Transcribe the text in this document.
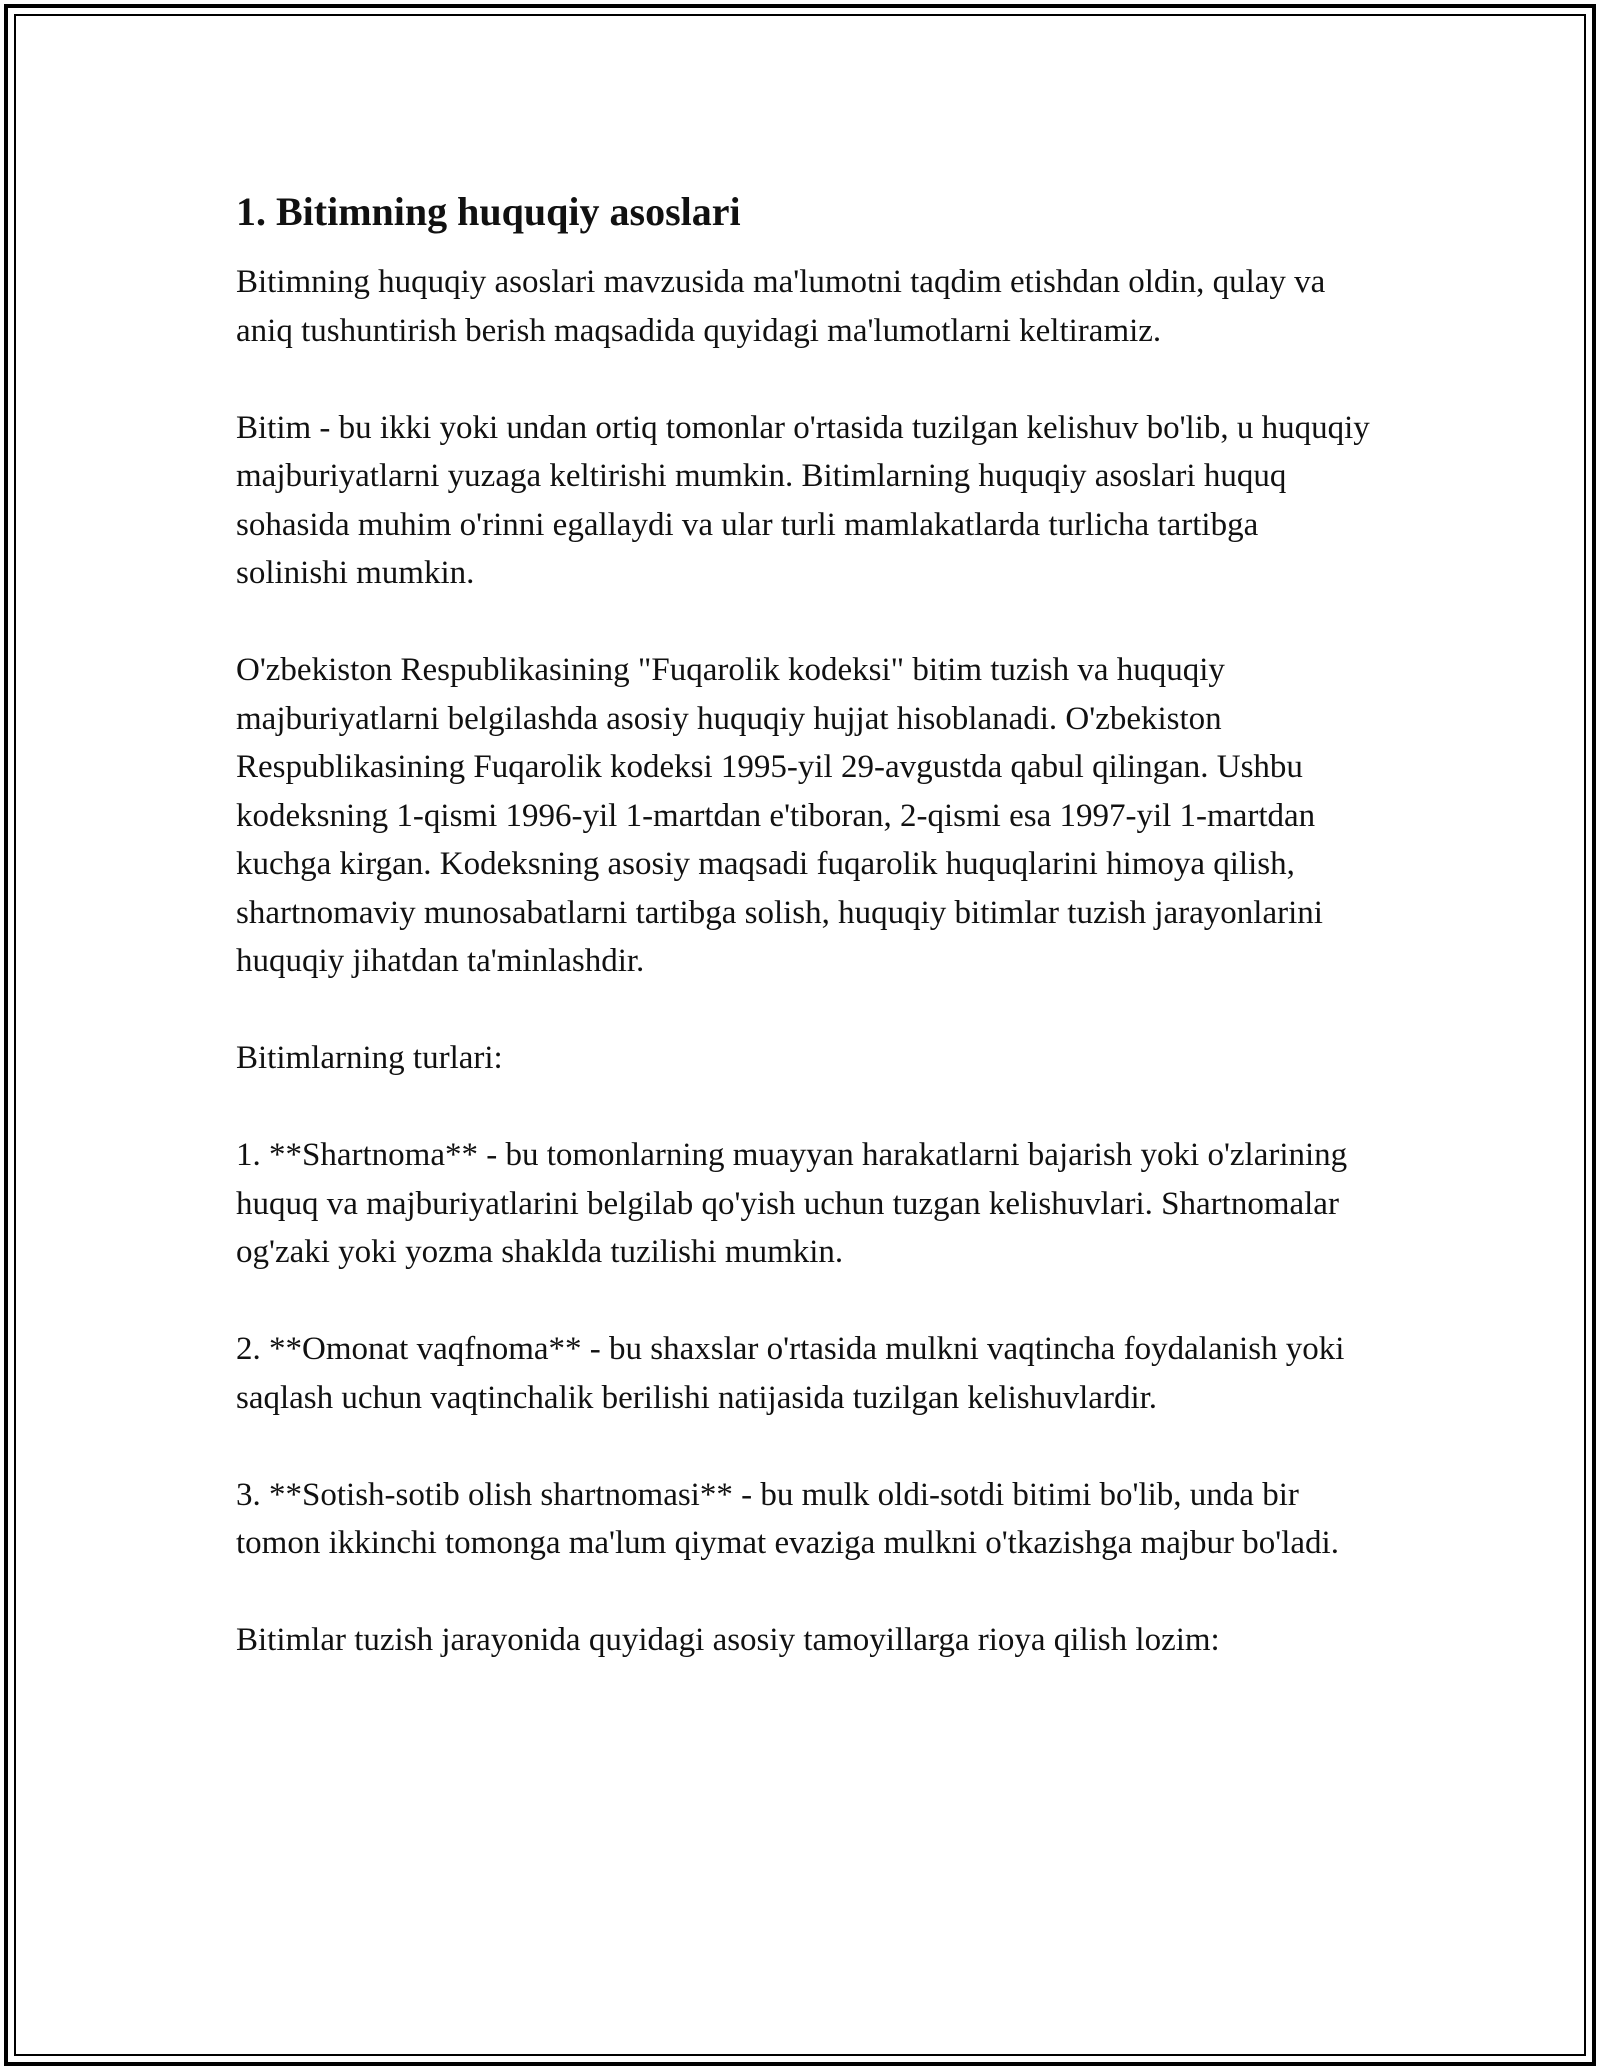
1. Bitimning huquqiy asoslari

Bitimning huquqiy asoslari mavzusida ma'lumotni taqdim etishdan oldin, qulay va aniq tushuntirish berish maqsadida quyidagi ma'lumotlarni keltiramiz.

Bitim - bu ikki yoki undan ortiq tomonlar o'rtasida tuzilgan kelishuv bo'lib, u huquqiy majburiyatlarni yuzaga keltirishi mumkin. Bitimlarning huquqiy asoslari huquq sohasida muhim o'rinni egallaydi va ular turli mamlakatlarda turlicha tartibga solinishi mumkin.

O'zbekiston Respublikasining "Fuqarolik kodeksi" bitim tuzish va huquqiy majburiyatlarni belgilashda asosiy huquqiy hujjat hisoblanadi. O'zbekiston Respublikasining Fuqarolik kodeksi 1995-yil 29-avgustda qabul qilingan. Ushbu kodeksning 1-qismi 1996-yil 1-martdan e'tiboran, 2-qismi esa 1997-yil 1-martdan kuchga kirgan. Kodeksning asosiy maqsadi fuqarolik huquqlarini himoya qilish, shartnomaviy munosabatlarni tartibga solish, huquqiy bitimlar tuzish jarayonlarini huquqiy jihatdan ta'minlashdir.

Bitimlarning turlari:

1. **Shartnoma** - bu tomonlarning muayyan harakatlarni bajarish yoki o'zlarining huquq va majburiyatlarini belgilab qo'yish uchun tuzgan kelishuvlari. Shartnomalar og'zaki yoki yozma shaklda tuzilishi mumkin.

2. **Omonat vaqfnoma** - bu shaxslar o'rtasida mulkni vaqtincha foydalanish yoki saqlash uchun vaqtinchalik berilishi natijasida tuzilgan kelishuvlardir.

3. **Sotish-sotib olish shartnomasi** - bu mulk oldi-sotdi bitimi bo'lib, unda bir tomon ikkinchi tomonga ma'lum qiymat evaziga mulkni o'tkazishga majbur bo'ladi.

Bitimlar tuzish jarayonida quyidagi asosiy tamoyillarga rioya qilish lozim:
